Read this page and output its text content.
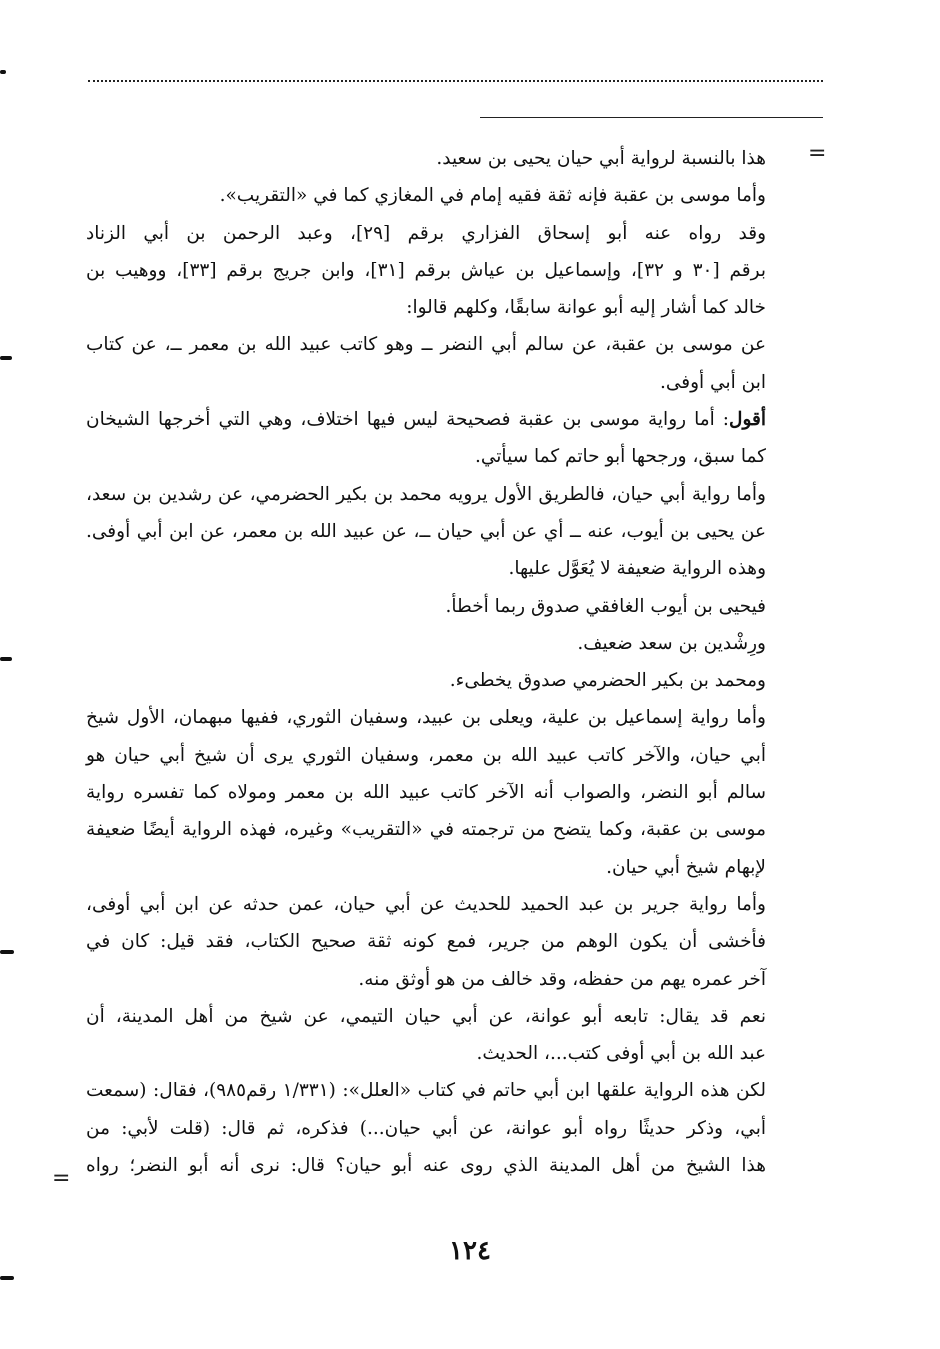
=
=
هذا بالنسبة لرواية أبي حيان يحيى بن سعيد.
وأما موسى بن عقبة فإنه ثقة فقيه إمام في المغازي كما في «التقريب».
وقد رواه عنه أبو إسحاق الفزاري برقم [٢٩]، وعبد الرحمن بن أبي الزناد
برقم [٣٠ و ٣٢]، وإسماعيل بن عياش برقم [٣١]، وابن جريج برقم [٣٣]، ووهيب بن
خالد كما أشار إليه أبو عوانة سابقًا، وكلهم قالوا:
عن موسى بن عقبة، عن سالم أبي النضر ــ وهو كاتب عبيد الله بن معمر ــ، عن كتاب
ابن أبي أوفى.
أقول: أما رواية موسى بن عقبة فصحيحة ليس فيها اختلاف، وهي التي أخرجها الشيخان
كما سبق، ورجحها أبو حاتم كما سيأتي.
وأما رواية أبي حيان، فالطريق الأول يرويه محمد بن بكير الحضرمي، عن رشدين بن سعد،
عن يحيى بن أيوب، عنه ــ أي عن أبي حيان ــ، عن عبيد الله بن معمر، عن ابن أبي أوفى.
وهذه الرواية ضعيفة لا يُعَوَّل عليها.
فيحيى بن أيوب الغافقي صدوق ربما أخطأ.
ورِشْدين بن سعد ضعيف.
ومحمد بن بكير الحضرمي صدوق يخطىء.
وأما رواية إسماعيل بن علية، ويعلى بن عبيد، وسفيان الثوري، ففيها مبهمان، الأول شيخ
أبي حيان، والآخر كاتب عبيد الله بن معمر، وسفيان الثوري يرى أن شيخ أبي حيان هو
سالم أبو النضر، والصواب أنه الآخر كاتب عبيد الله بن معمر ومولاه كما تفسره رواية
موسى بن عقبة، وكما يتضح من ترجمته في «التقريب» وغيره، فهذه الرواية أيضًا ضعيفة
لإبهام شيخ أبي حيان.
وأما رواية جرير بن عبد الحميد للحديث عن أبي حيان، عمن حدثه عن ابن أبي أوفى،
فأخشى أن يكون الوهم من جرير، فمع كونه ثقة صحيح الكتاب، فقد قيل: كان في
آخر عمره يهم من حفظه، وقد خالف من هو أوثق منه.
نعم قد يقال: تابعه أبو عوانة، عن أبي حيان التيمي، عن شيخ من أهل المدينة، أن
عبد الله بن أبي أوفى كتب...، الحديث.
لكن هذه الرواية علقها ابن أبي حاتم في كتاب «العلل»: (١/٣٣١ رقم٩٨٥)، فقال: (سمعت
أبي، وذكر حديثًا رواه أبو عوانة، عن أبي حيان...) فذكره، ثم قال: (قلت لأبي: من
هذا الشيخ من أهل المدينة الذي روى عنه أبو حيان؟ قال: نرى أنه أبو النضر؛ رواه
١٢٤
